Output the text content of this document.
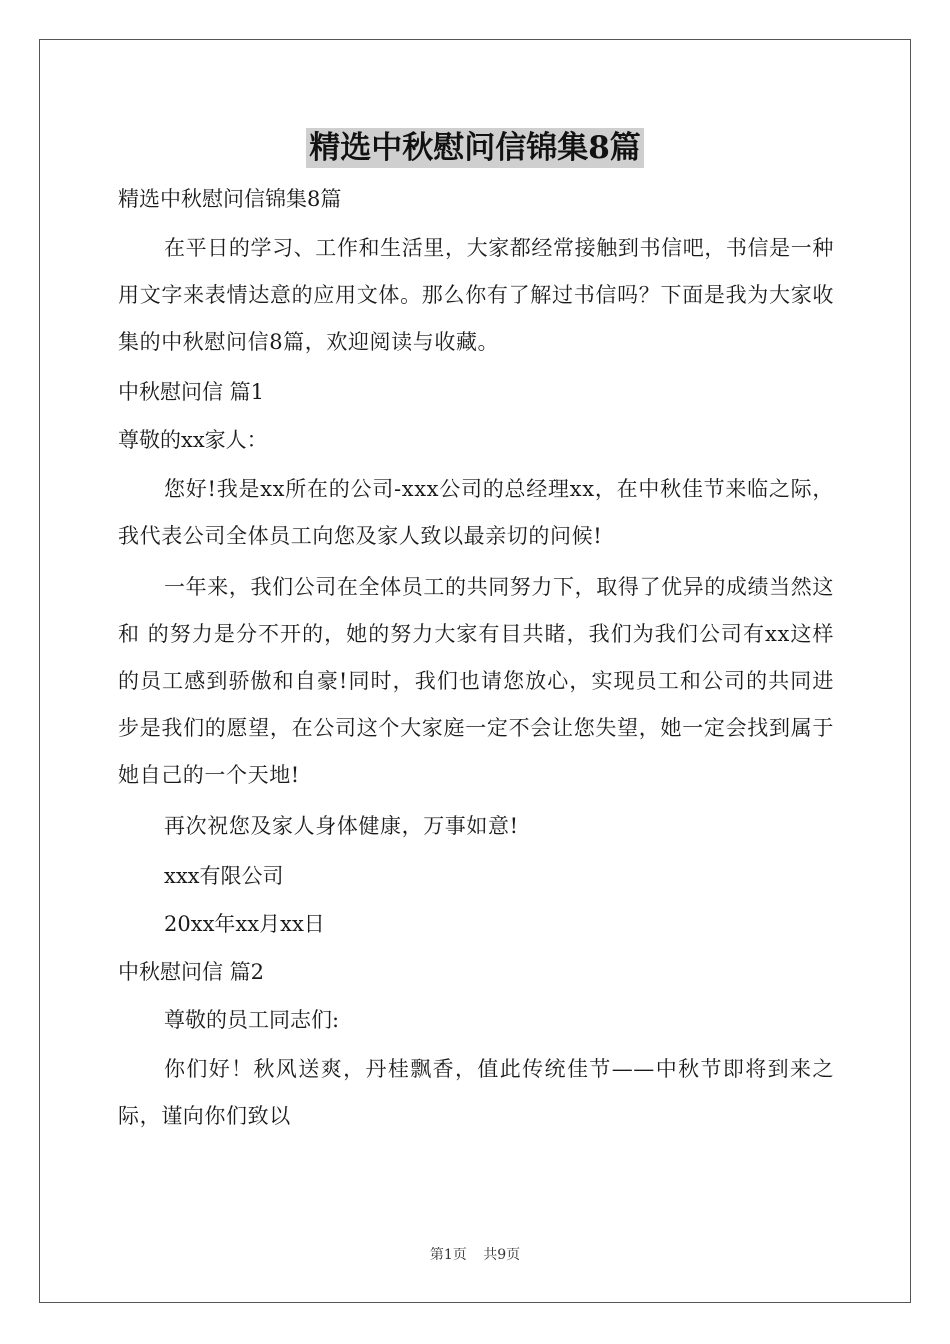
精选中秋慰问信锦集8篇

精选中秋慰问信锦集8篇

在平日的学习、工作和生活里，大家都经常接触到书信吧，书信是一种用文字来表情达意的应用文体。那么你有了解过书信吗？下面是我为大家收集的中秋慰问信8篇，欢迎阅读与收藏。

中秋慰问信 篇1

尊敬的xx家人：

您好!我是xx所在的公司-xxx公司的总经理xx，在中秋佳节来临之际，我代表公司全体员工向您及家人致以最亲切的问候!

一年来，我们公司在全体员工的共同努力下，取得了优异的成绩当然这和 的努力是分不开的，她的努力大家有目共睹，我们为我们公司有xx这样的员工感到骄傲和自豪!同时，我们也请您放心，实现员工和公司的共同进步是我们的愿望，在公司这个大家庭一定不会让您失望，她一定会找到属于她自己的一个天地!

再次祝您及家人身体健康，万事如意!

xxx有限公司

20xx年xx月xx日

中秋慰问信 篇2

尊敬的员工同志们:

你们好！秋风送爽，丹桂飘香，值此传统佳节——中秋节即将到来之际，谨向你们致以

第1页 共9页
